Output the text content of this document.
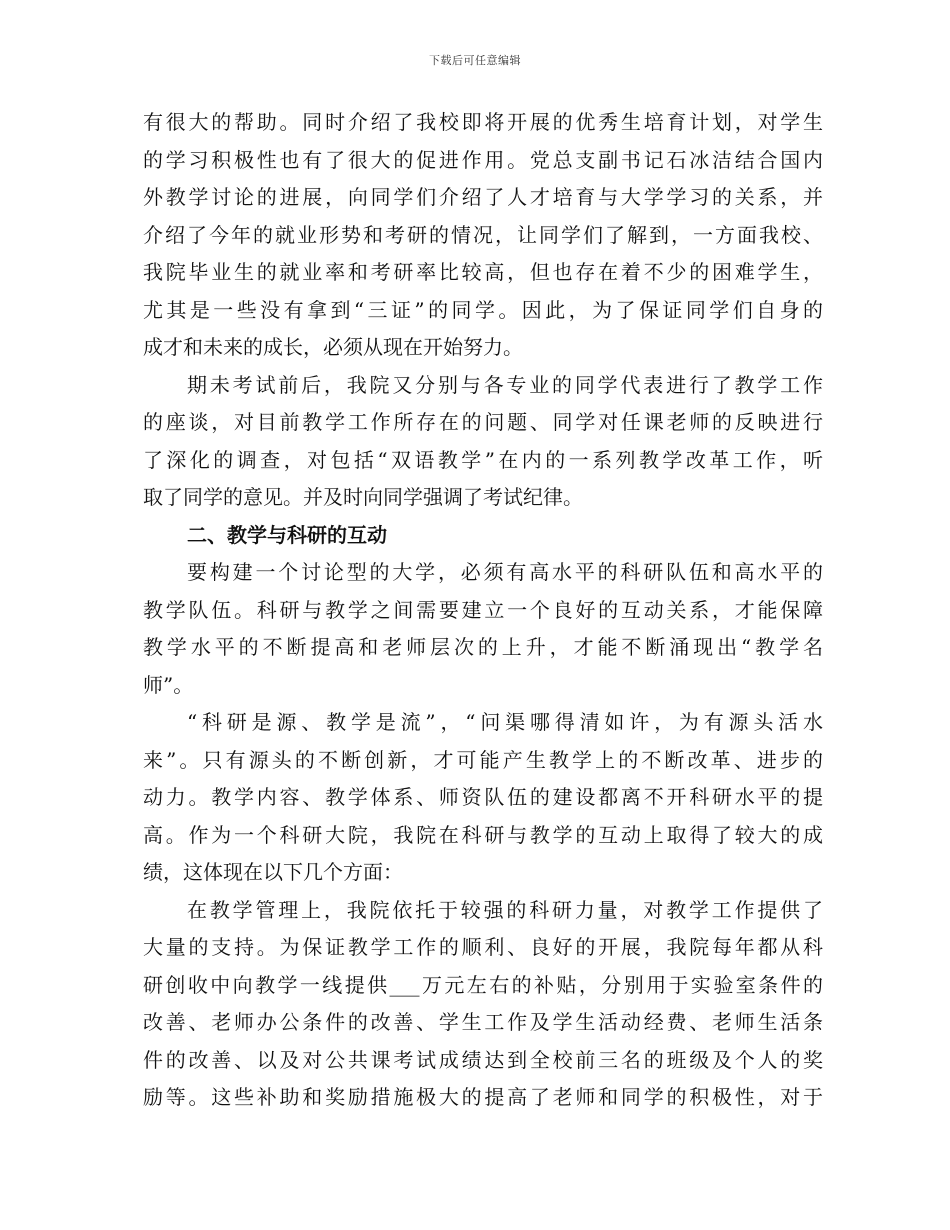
下载后可任意编辑
有很大的帮助。同时介绍了我校即将开展的优秀生培育计划，对学生
的学习积极性也有了很大的促进作用。党总支副书记石冰洁结合国内
外教学讨论的进展，向同学们介绍了人才培育与大学学习的关系，并
介绍了今年的就业形势和考研的情况，让同学们了解到，一方面我校、
我院毕业生的就业率和考研率比较高，但也存在着不少的困难学生，
尤其是一些没有拿到“三证”的同学。因此，为了保证同学们自身的
成才和未来的成长，必须从现在开始努力。
期未考试前后，我院又分别与各专业的同学代表进行了教学工作
的座谈，对目前教学工作所存在的问题、同学对任课老师的反映进行
了深化的调查，对包括“双语教学”在内的一系列教学改革工作，听
取了同学的意见。并及时向同学强调了考试纪律。
二、教学与科研的互动
要构建一个讨论型的大学，必须有高水平的科研队伍和高水平的
教学队伍。科研与教学之间需要建立一个良好的互动关系，才能保障
教学水平的不断提高和老师层次的上升，才能不断涌现出“教学名
师”。
“科研是源、教学是流”，“问渠哪得清如许，为有源头活水
来”。只有源头的不断创新，才可能产生教学上的不断改革、进步的
动力。教学内容、教学体系、师资队伍的建设都离不开科研水平的提
高。作为一个科研大院，我院在科研与教学的互动上取得了较大的成
绩，这体现在以下几个方面：
在教学管理上，我院依托于较强的科研力量，对教学工作提供了
大量的支持。为保证教学工作的顺利、良好的开展，我院每年都从科
研创收中向教学一线提供___万元左右的补贴，分别用于实验室条件的
改善、老师办公条件的改善、学生工作及学生活动经费、老师生活条
件的改善、以及对公共课考试成绩达到全校前三名的班级及个人的奖
励等。这些补助和奖励措施极大的提高了老师和同学的积极性，对于
